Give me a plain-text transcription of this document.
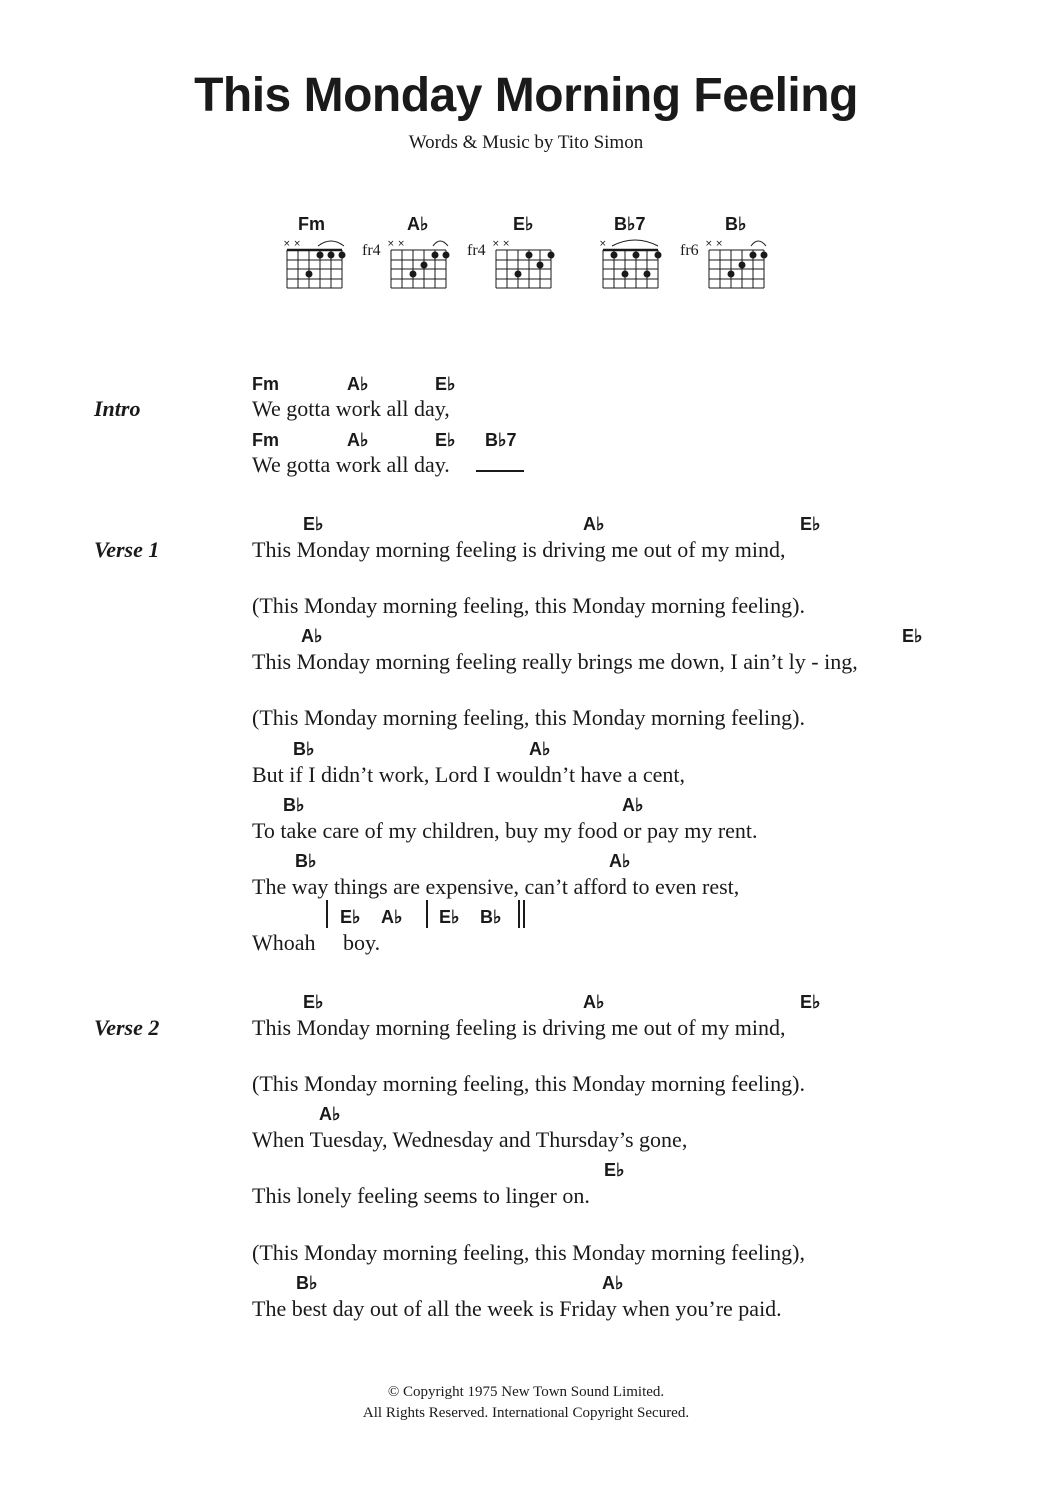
This Monday Morning Feeling
Words & Music by Tito Simon
Fm
× ×
A♭
fr4 × ×
E♭
fr4 × ×
B♭7
×
B♭
fr6 × ×
Intro
Fm	A♭	E♭
We gotta work all day,
Fm	A♭	E♭ B♭7
We gotta work all day.
Verse 1
E♭	A♭	E♭
This Monday morning feeling is driving me out of my mind,
(This Monday morning feeling, this Monday morning feeling).
A♭	E♭
This Monday morning feeling really brings me down, I ain’t ly - ing,
(This Monday morning feeling, this Monday morning feeling).
B♭	A♭
But if I didn’t work, Lord I wouldn’t have a cent,
B♭	A♭
To take care of my children, buy my food or pay my rent.
B♭	A♭
The way things are expensive, can’t afford to even rest,
E♭ A♭ E♭ B♭
Whoah boy.
Verse 2
E♭	A♭	E♭
This Monday morning feeling is driving me out of my mind,
(This Monday morning feeling, this Monday morning feeling).
A♭
When Tuesday, Wednesday and Thursday’s gone,
E♭
This lonely feeling seems to linger on.
(This Monday morning feeling, this Monday morning feeling),
B♭	A♭
The best day out of all the week is Friday when you’re paid.
© Copyright 1975 New Town Sound Limited.
All Rights Reserved. International Copyright Secured.
